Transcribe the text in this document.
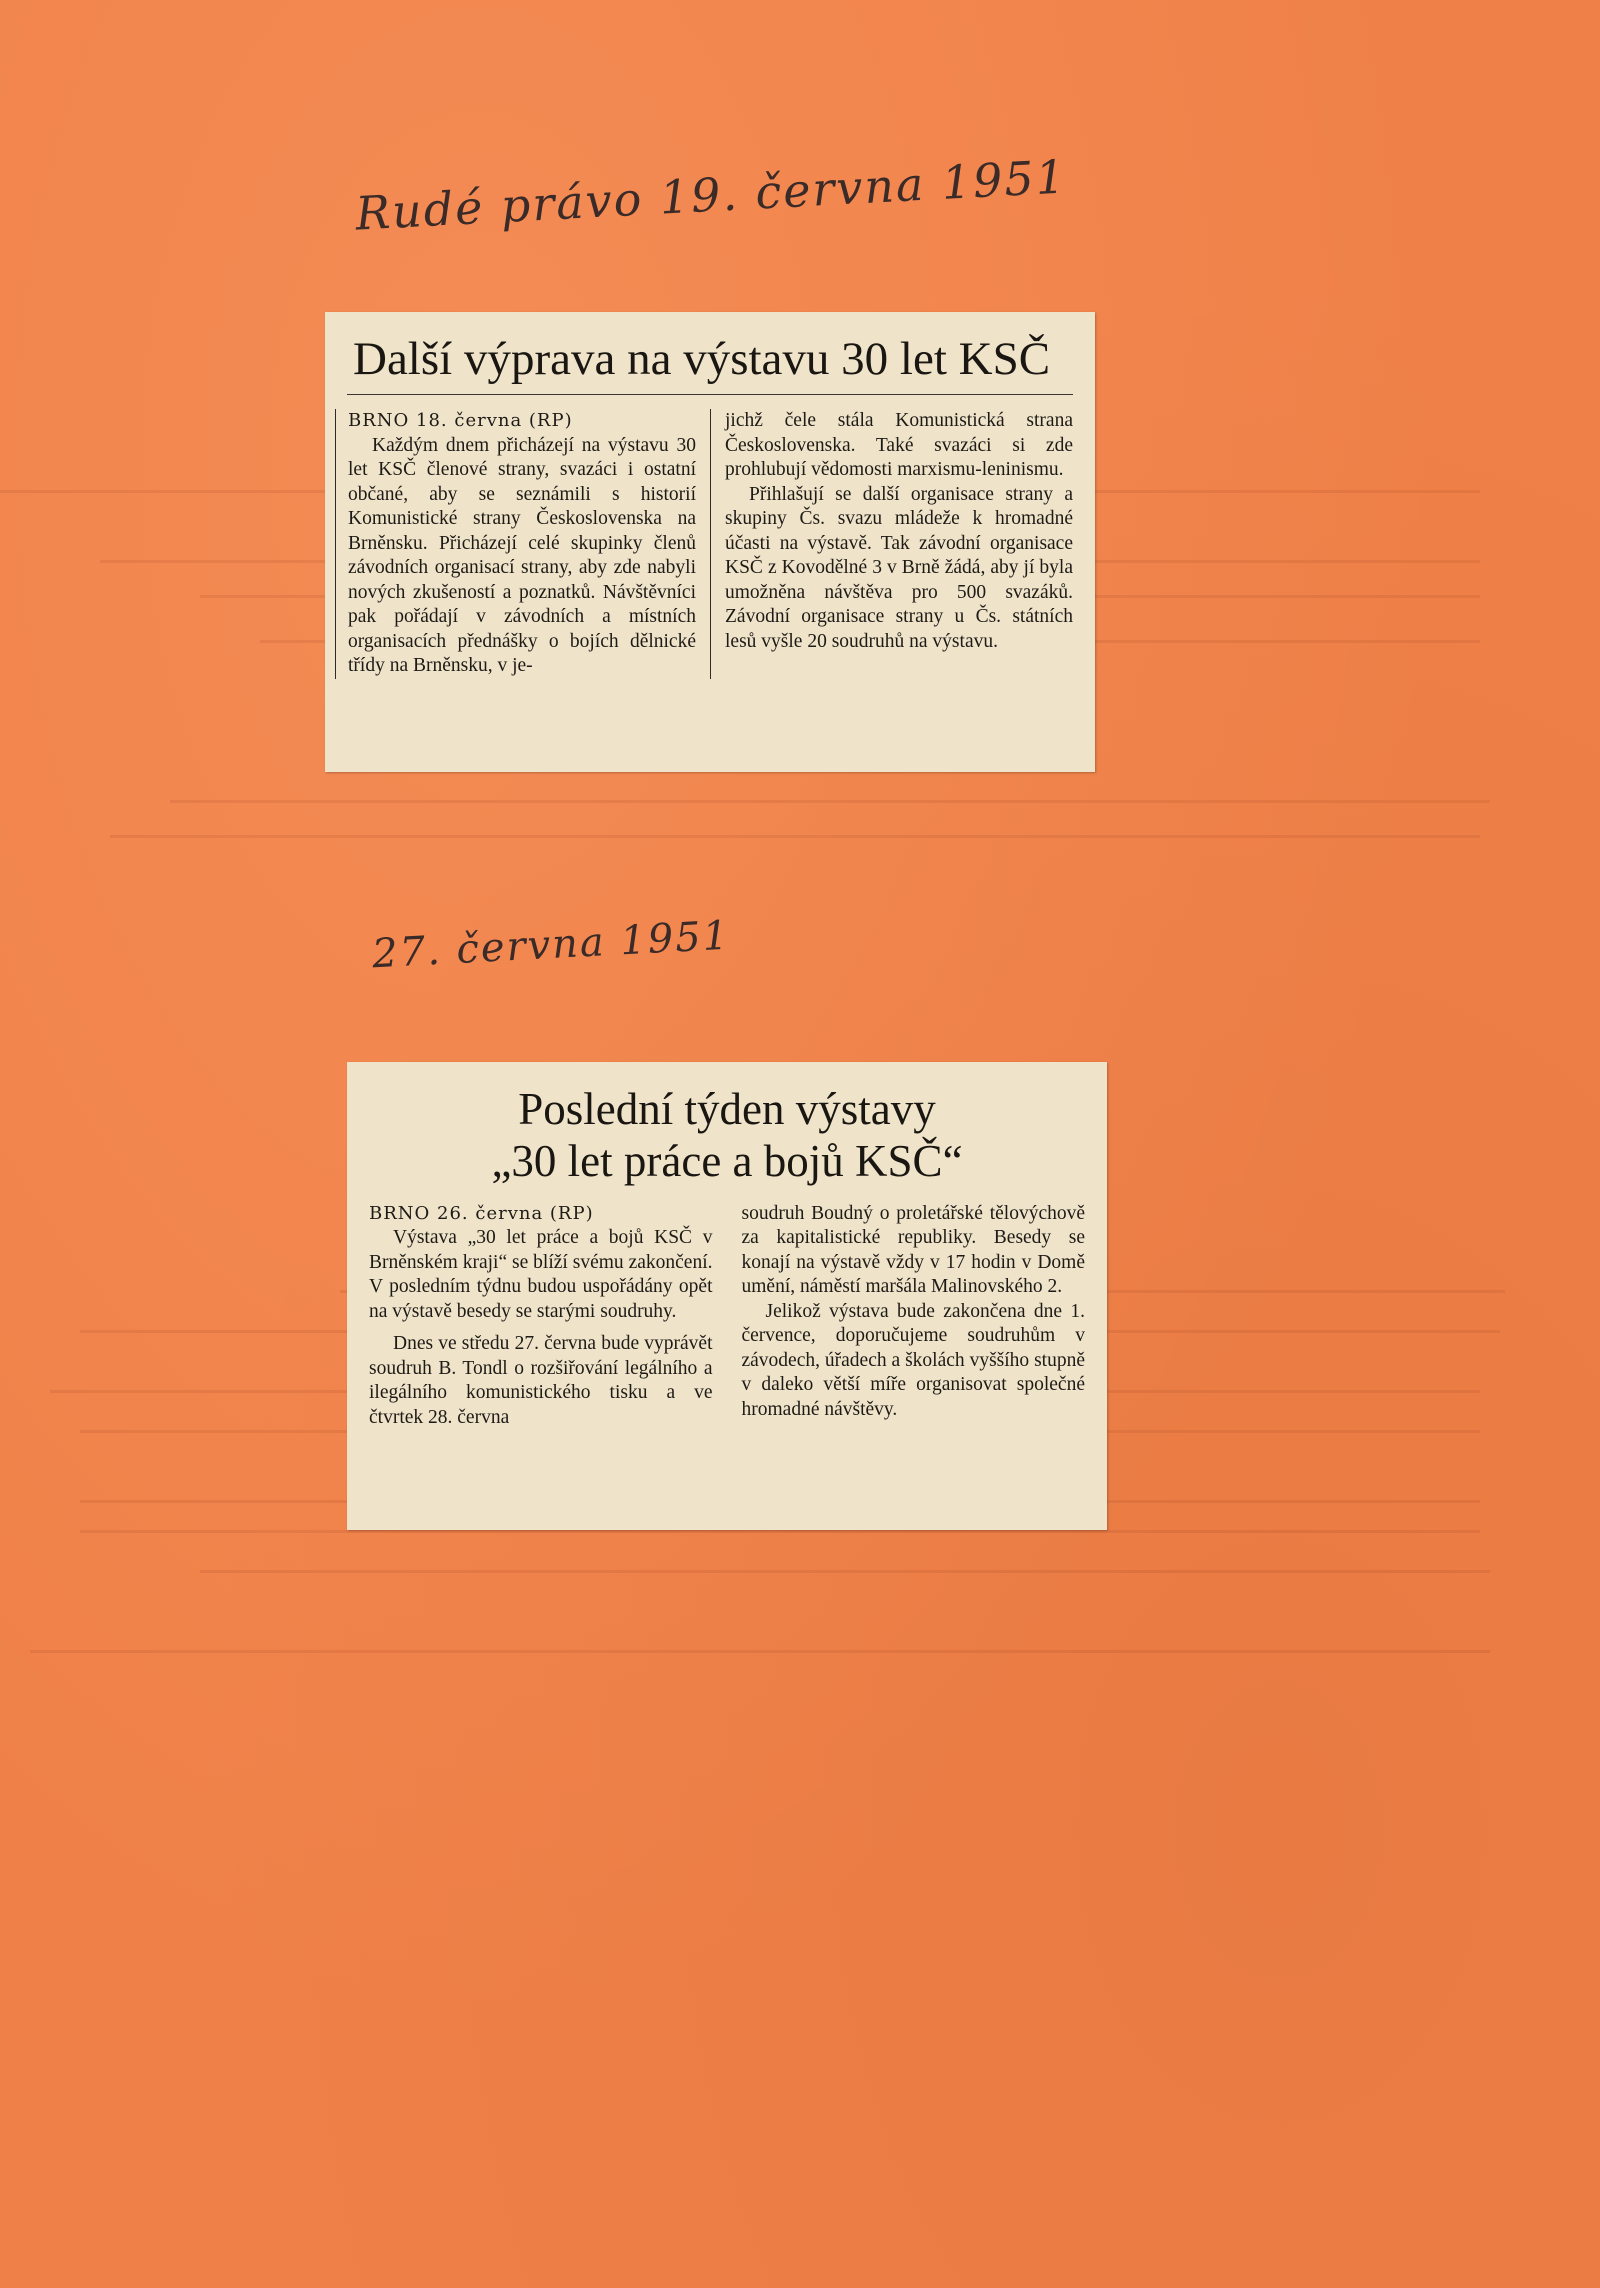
Rudé právo 19. června 1951
27. června 1951
Další výprava na výstavu 30 let KSČ

BRNO 18. června (RP)

Každým dnem přicházejí na výstavu 30 let KSČ členové strany, svazáci i ostatní občané, aby se seznámili s historií Komunistické strany Československa na Brněnsku. Přicházejí celé skupinky členů závodních organisací strany, aby zde nabyli nových zkušeností a poznatků. Návštěvníci pak pořádají v závodních a místních organisacích přednášky o bojích dělnické třídy na Brněnsku, v je-

jichž čele stála Komunistická strana Československa. Také svazáci si zde prohlubují vědomosti marxismu-leninismu.

Přihlašují se další organisace strany a skupiny Čs. svazu mládeže k hromadné účasti na výstavě. Tak závodní organisace KSČ z Kovodělné 3 v Brně žádá, aby jí byla umožněna návštěva pro 500 svazáků. Závodní organisace strany u Čs. státních lesů vyšle 20 soudruhů na výstavu.

Poslední týden výstavy
„30 let práce a bojů KSČ“

BRNO 26. června (RP)

Výstava „30 let práce a bojů KSČ v Brněnském kraji“ se blíží svému zakončení. V posledním týdnu budou uspořádány opět na výstavě besedy se starými soudruhy.

Dnes ve středu 27. června bude vyprávět soudruh B. Tondl o rozšiřování legálního a ilegálního komunistického tisku a ve čtvrtek 28. června

soudruh Boudný o proletářské tělovýchově za kapitalistické republiky. Besedy se konají na výstavě vždy v 17 hodin v Domě umění, náměstí maršála Malinovského 2.

Jelikož výstava bude zakončena dne 1. července, doporučujeme soudruhům v závodech, úřadech a školách vyššího stupně v daleko větší míře organisovat společné hromadné návštěvy.
